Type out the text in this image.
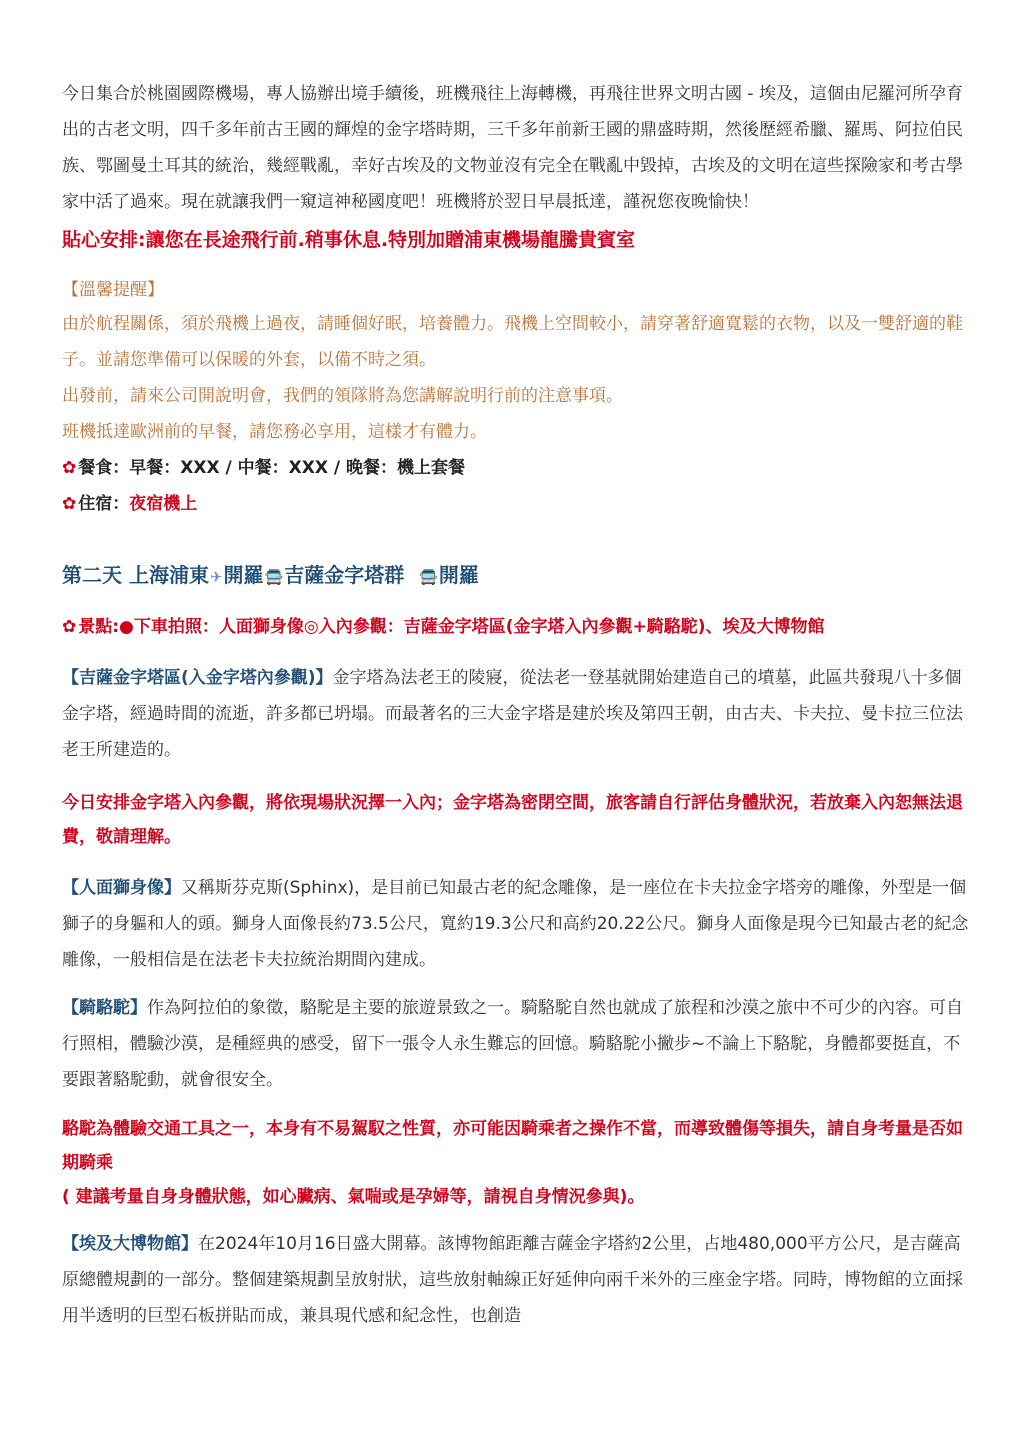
今日集合於桃園國際機場，專人協辦出境手續後，班機飛往上海轉機，再飛往世界文明古國 - 埃及，這個由尼羅河所孕育出的古老文明，四千多年前古王國的輝煌的金字塔時期，三千多年前新王國的鼎盛時期，然後歷經希臘、羅馬、阿拉伯民族、鄂圖曼土耳其的統治，幾經戰亂，幸好古埃及的文物並沒有完全在戰亂中毀掉，古埃及的文明在這些探險家和考古學家中活了過來。現在就讓我們一窺這神秘國度吧！班機將於翌日早晨抵達，謹祝您夜晚愉快！

貼心安排:讓您在長途飛行前.稍事休息.特別加贈浦東機場龍騰貴賓室

【溫馨提醒】

由於航程關係，須於飛機上過夜，請睡個好眠，培養體力。飛機上空間較小，請穿著舒適寬鬆的衣物，以及一雙舒適的鞋子。並請您準備可以保暖的外套，以備不時之須。

出發前，請來公司開說明會，我們的領隊將為您講解說明行前的注意事項。

班機抵達歐洲前的早餐，請您務必享用，這樣才有體力。

✿ 餐食：早餐：XXX / 中餐：XXX / 晚餐：機上套餐

✿ 住宿：夜宿機上

第二天 上海浦東✈開羅🚍吉薩金字塔群 🚍開羅

✿ 景點:●下車拍照：人面獅身像◎入內參觀：吉薩金字塔區(金字塔入內參觀+騎駱駝)、埃及大博物館

【吉薩金字塔區(入金字塔內參觀)】金字塔為法老王的陵寢，從法老一登基就開始建造自己的墳墓，此區共發現八十多個金字塔，經過時間的流逝，許多都已坍塌。而最著名的三大金字塔是建於埃及第四王朝，由古夫、卡夫拉、曼卡拉三位法老王所建造的。

今日安排金字塔入內參觀，將依現場狀況擇一入內；金字塔為密閉空間，旅客請自行評估身體狀況，若放棄入內恕無法退費，敬請理解。

【人面獅身像】又稱斯芬克斯(Sphinx)，是目前已知最古老的紀念雕像，是一座位在卡夫拉金字塔旁的雕像，外型是一個獅子的身軀和人的頭。獅身人面像長約73.5公尺，寬約19.3公尺和高約20.22公尺。獅身人面像是現今已知最古老的紀念雕像，一般相信是在法老卡夫拉統治期間內建成。

【騎駱駝】作為阿拉伯的象徵，駱駝是主要的旅遊景致之一。騎駱駝自然也就成了旅程和沙漠之旅中不可少的內容。可自行照相，體驗沙漠，是種經典的感受，留下一張令人永生難忘的回憶。騎駱駝小撇步~不論上下駱駝，身體都要挺直，不要跟著駱駝動，就會很安全。

駱駝為體驗交通工具之一，本身有不易駕馭之性質，亦可能因騎乘者之操作不當，而導致體傷等損失，請自身考量是否如期騎乘

( 建議考量自身身體狀態，如心臟病、氣喘或是孕婦等，請視自身情況參與)。

【埃及大博物館】在2024年10月16日盛大開幕。該博物館距離吉薩金字塔約2公里，占地480,000平方公尺，是吉薩高原總體規劃的一部分。整個建築規劃呈放射狀，這些放射軸線正好延伸向兩千米外的三座金字塔。同時，博物館的立面採用半透明的巨型石板拼貼而成，兼具現代感和紀念性，也創造
